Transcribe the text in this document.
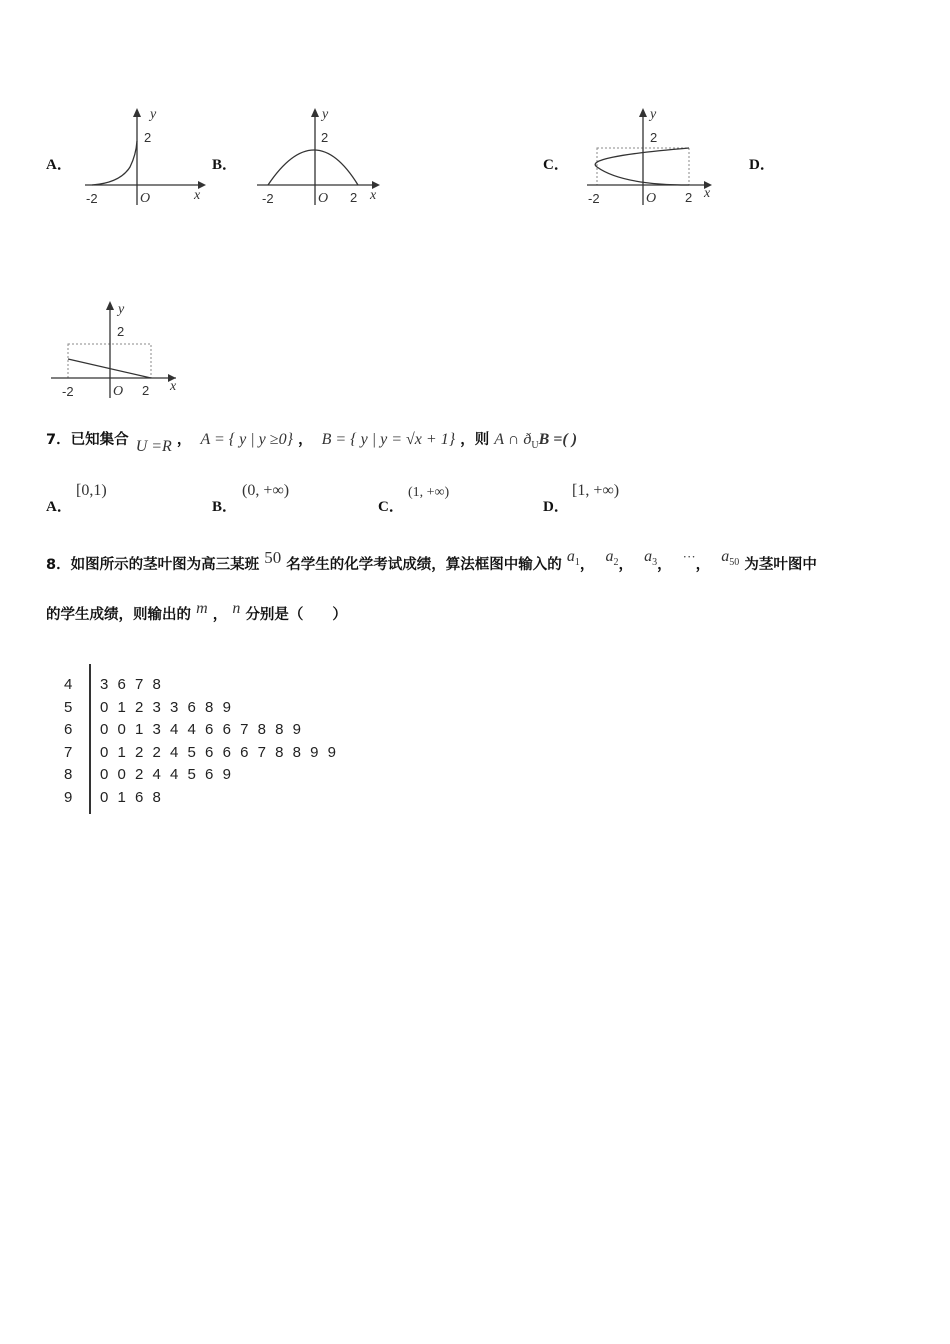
A．
y
2
-2	O	x
B．
y
2
-2	O 2 x
C．
y
2
-2	O 2 x
D．
y
2
-2	O 2 x
7．已知集合 U =R ， A = { y | y ≥0} ， B = { y | y = √x + 1} ，则 A ∩ $ð_UB$ =( )
A．
[0,1)
B．
(0, +∞)
C．
(1, +∞)
D．
[1, +∞)
8．如图所示的茎叶图为高三某班 50 名学生的化学考试成绩，算法框图中输入的 $a^1$， $a^2$， $a^3$， ···， $a^{50}$ 为茎叶图中
的学生成绩，则输出的 m ， n 分别是（　　）
4 3 6 7 8
5 0 1 2 3 3 6 8 9
6 0 0 1 3 4 4 6 6 7 8 8 9
7 0 1 2 2 4 5 6 6 6 7 8 8 9 9
8 0 0 2 4 4 5 6 9
9 0 1 6 8
